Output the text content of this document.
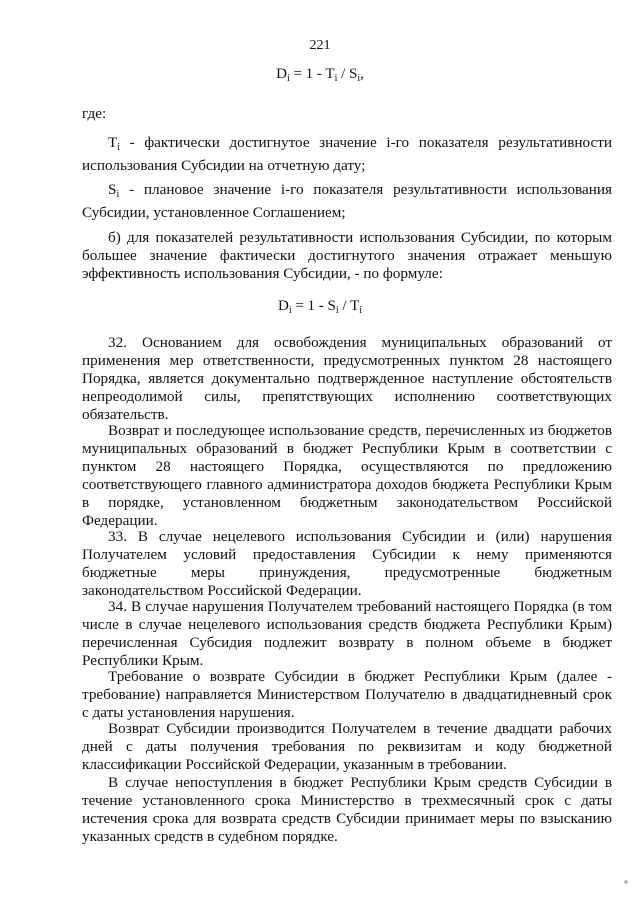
221
$D_i = 1 - T_i / S_i$,
где:
$T_i$ - фактически достигнутое значение i-го показателя результативности использования Субсидии на отчетную дату;
$S_i$ - плановое значение i-го показателя результативности использования Субсидии, установленное Соглашением;
б) для показателей результативности использования Субсидии, по которым большее значение фактически достигнутого значения отражает меньшую эффективность использования Субсидии, - по формуле:
$D_i = 1 - S_i / T_i$
32. Основанием для освобождения муниципальных образований от применения мер ответственности, предусмотренных пунктом 28 настоящего Порядка, является документально подтвержденное наступление обстоятельств непреодолимой силы, препятствующих исполнению соответствующих обязательств.
Возврат и последующее использование средств, перечисленных из бюджетов муниципальных образований в бюджет Республики Крым в соответствии с пунктом 28 настоящего Порядка, осуществляются по предложению соответствующего главного администратора доходов бюджета Республики Крым в порядке, установленном бюджетным законодательством Российской Федерации.
33. В случае нецелевого использования Субсидии и (или) нарушения Получателем условий предоставления Субсидии к нему применяются бюджетные меры принуждения, предусмотренные бюджетным законодательством Российской Федерации.
34. В случае нарушения Получателем требований настоящего Порядка (в том числе в случае нецелевого использования средств бюджета Республики Крым) перечисленная Субсидия подлежит возврату в полном объеме в бюджет Республики Крым.
Требование о возврате Субсидии в бюджет Республики Крым (далее - требование) направляется Министерством Получателю в двадцатидневный срок с даты установления нарушения.
Возврат Субсидии производится Получателем в течение двадцати рабочих дней с даты получения требования по реквизитам и коду бюджетной классификации Российской Федерации, указанным в требовании.
В случае непоступления в бюджет Республики Крым средств Субсидии в течение установленного срока Министерство в трехмесячный срок с даты истечения срока для возврата средств Субсидии принимает меры по взысканию указанных средств в судебном порядке.
